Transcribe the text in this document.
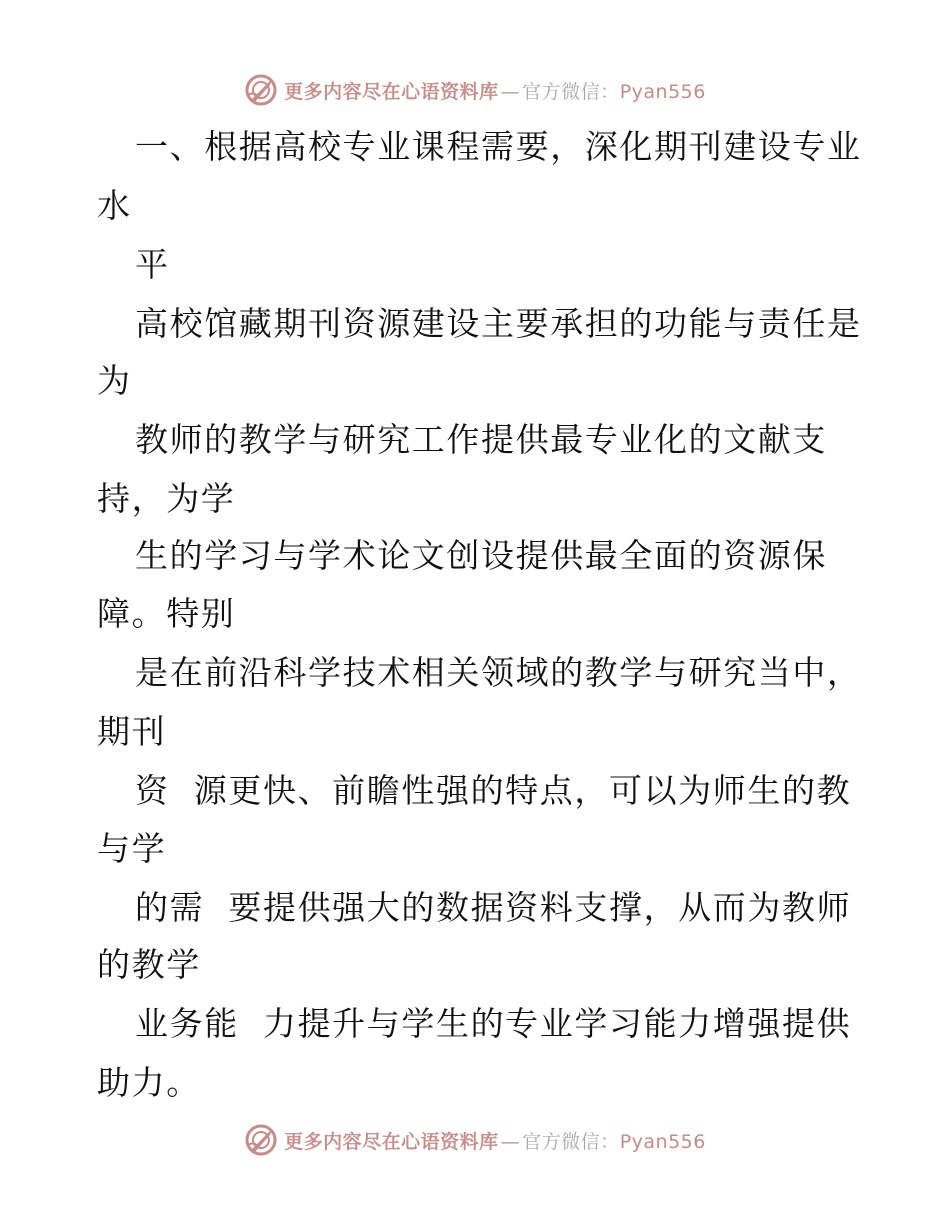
更多内容尽在心语资料库 — 官方微信：Pyan556
一、根据高校专业课程需要，深化期刊建设专业
水
平
高校馆藏期刊资源建设主要承担的功能与责任是
为
教师的教学与研究工作提供最专业化的文献支
持，为学
生的学习与学术论文创设提供最全面的资源保
障。特别
是在前沿科学技术相关领域的教学与研究当中，
期刊
资  源更快、前瞻性强的特点，可以为师生的教
与学
的需  要提供强大的数据资料支撑，从而为教师
的教学
业务能  力提升与学生的专业学习能力增强提供
助力。
更多内容尽在心语资料库 — 官方微信：Pyan556
